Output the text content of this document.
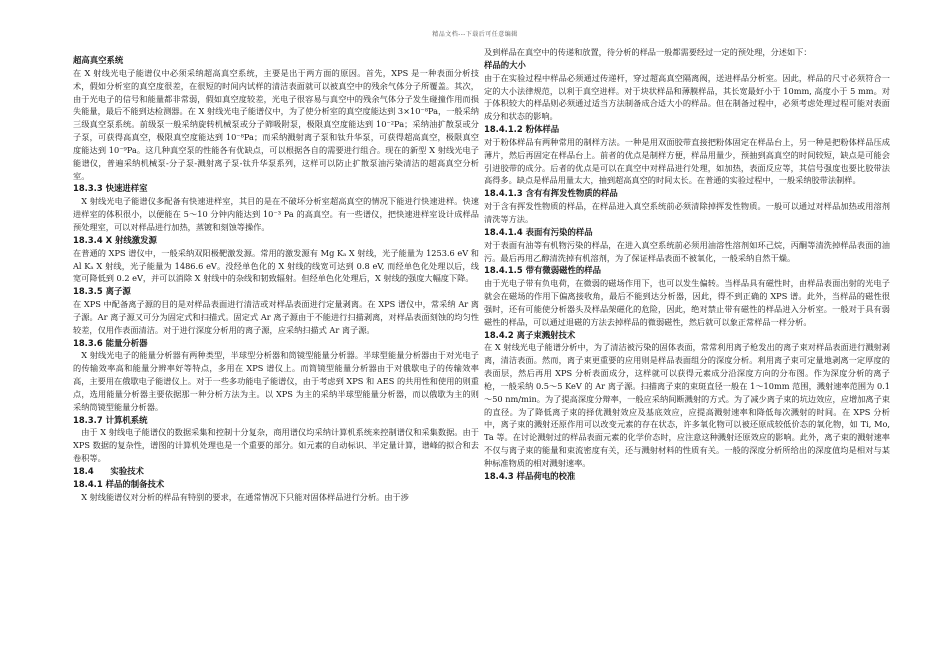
精品文档---下载后可任意编辑
超高真空系统

在 X 射线光电子能谱仪中必须采纳超高真空系统，主要是出于两方面的原因。首先，XPS 是一种表面分析技术，假如分析室的真空度很差，在很短的时间内试样的清洁表面就可以被真空中的残余气体分子所覆盖。其次，由于光电子的信号和能量都非常弱，假如真空度较差，光电子很容易与真空中的残余气体分子发生碰撞作用而损失能量，最后不能到达检测器。在 X 射线光电子能谱仪中，为了使分析室的真空度能达到 3×10⁻⁸Pa，一般采纳三级真空泵系统。前级泵一般采纳旋转机械泵或分子筛吸附泵，极限真空度能达到 10⁻²Pa；采纳油扩散泵或分子泵，可获得高真空，极限真空度能达到 10⁻⁸Pa；而采纳溅射离子泵和钛升华泵，可获得超高真空，极限真空度能达到 10⁻⁹Pa。这几种真空泵的性能各有优缺点，可以根据各自的需要进行组合。现在的新型 X 射线光电子能谱仪，普遍采纳机械泵-分子泵-溅射离子泵-钛升华泵系列，这样可以防止扩散泵油污染清洁的超高真空分析室。

18.3.3 快速进样室

X 射线光电子能谱仪多配备有快速进样室，其目的是在不破坏分析室超高真空的情况下能进行快速进样。快速进样室的体积很小，以便能在 5～10 分钟内能达到 10⁻³ Pa 的高真空。有一些谱仪，把快速进样室设计成样品预处理室，可以对样品进行加热，蒸镀和刻蚀等操作。

18.3.4 X 射线激发源

在普通的 XPS 谱仪中，一般采纳双阳极靶激发源。常用的激发源有 Mg Kₐ X 射线，光子能量为 1253.6 eV 和 Al Kₐ X 射线，光子能量为 1486.6 eV。没经单色化的 X 射线的线宽可达到 0.8 eV, 而经单色化处理以后，线宽可降低到 0.2 eV，并可以消除 X 射线中的杂线和韧致辐射。但经单色化处理后，X 射线的强度大幅度下降。

18.3.5 离子源

在 XPS 中配备离子源的目的是对样品表面进行清洁或对样品表面进行定量剥离。在 XPS 谱仪中，常采纳 Ar 离子源。Ar 离子源又可分为固定式和扫描式。固定式 Ar 离子源由于不能进行扫描剥离，对样品表面刻蚀的均匀性较差，仅用作表面清洁。对于进行深度分析用的离子源，应采纳扫描式 Ar 离子源。

18.3.6 能量分析器

X 射线光电子的能量分析器有两种类型，半球型分析器和筒镜型能量分析器。半球型能量分析器由于对光电子的传输效率高和能量分辨率好等特点，多用在 XPS 谱仪上。而筒镜型能量分析器由于对俄歇电子的传输效率高，主要用在俄歇电子能谱仪上。对于一些多功能电子能谱仪，由于考虑到 XPS 和 AES 的共用性和使用的则重点，选用能量分析器主要依据那一种分析方法为主。以 XPS 为主的采纳半球型能量分析器，而以俄歇为主的则采纳筒镜型能量分析器。

18.3.7 计算机系统

由于 X 射线电子能谱仪的数据采集和控制十分复杂，商用谱仪均采纳计算机系统来控制谱仪和采集数据。由于 XPS 数据的复杂性，谱图的计算机处理也是一个重要的部分。如元素的自动标识、半定量计算，谱峰的拟合和去卷积等。

18.4　　实验技术
18.4.1 样品的制备技术

X 射线能谱仪对分析的样品有特别的要求，在通常情况下只能对固体样品进行分析。由于涉

及到样品在真空中的传递和放置，待分析的样品一般都需要经过一定的预处理，分述如下：

样品的大小

由于在实验过程中样品必须通过传递杆，穿过超高真空隔离阀，送进样品分析室。因此，样品的尺寸必须符合一定的大小法律规范，以利于真空进样。对于块状样品和薄膜样品，其长宽最好小于 10mm, 高度小于 5 mm。对于体积较大的样品则必须通过适当方法制备成合适大小的样品。但在制备过程中，必须考虑处理过程可能对表面成分和状态的影响。

18.4.1.2 粉体样品

对于粉体样品有两种常用的制样方法。一种是用双面胶带直接把粉体固定在样品台上，另一种是把粉体样品压成薄片，然后再固定在样品台上。前者的优点是制样方便，样品用量少，预抽到高真空的时间较短，缺点是可能会引进胶带的成分。后者的优点是可以在真空中对样品进行处理，如加热，表面反应等，其信号强度也要比胶带法高得多。缺点是样品用量太大，抽到超高真空的时间太长。在普通的实验过程中，一般采纳胶带法制样。

18.4.1.3 含有有挥发性物质的样品

对于含有挥发性物质的样品，在样品进入真空系统前必须清除掉挥发性物质。一般可以通过对样品加热或用溶剂清洗等方法。

18.4.1.4 表面有污染的样品

对于表面有油等有机物污染的样品，在进入真空系统前必须用油溶性溶剂如环己烷，丙酮等清洗掉样品表面的油污。最后再用乙醇清洗掉有机溶剂，为了保证样品表面不被氧化，一般采纳自然干燥。

18.4.1.5 带有微弱磁性的样品

由于光电子带有负电荷，在微弱的磁场作用下，也可以发生偏转。当样品具有磁性时，由样品表面出射的光电子就会在磁场的作用下偏离接收角，最后不能到达分析器，因此，得不到正确的 XPS 谱。此外，当样品的磁性很强时，还有可能使分析器头及样品架磁化的危险，因此，绝对禁止带有磁性的样品进入分析室。一般对于具有弱磁性的样品，可以通过退磁的方法去掉样品的微弱磁性，然后就可以象正常样品一样分析。

18.4.2 离子束溅射技术

在 X 射线光电子能谱分析中，为了清洁被污染的固体表面，常常利用离子枪发出的离子束对样品表面进行溅射剥离，清洁表面。然而，离子束更重要的应用则是样品表面组分的深度分析。利用离子束可定量地剥离一定厚度的表面层，然后再用 XPS 分析表面成分，这样就可以获得元素成分沿深度方向的分布图。作为深度分析的离子枪，一般采纳 0.5～5 KeV 的 Ar 离子源。扫描离子束的束斑直径一般在 1～10mm 范围，溅射速率范围为 0.1 ～50 nm/min。为了提高深度分辩率，一般应采纳间断溅射的方式。为了减少离子束的坑边效应，应增加离子束的直径。为了降低离子束的择优溅射效应及基底效应，应提高溅射速率和降低每次溅射的时间。在 XPS 分析中，离子束的溅射还原作用可以改变元素的存在状态，许多氧化物可以被还原成较低价态的氧化物，如 Ti, Mo, Ta 等。在讨论溅射过的样品表面元素的化学价态时，应注意这种溅射还原效应的影响。此外，离子束的溅射速率不仅与离子束的能量和束流密度有关，还与溅射材料的性质有关。一般的深度分析所给出的深度值均是相对与某种标准物质的相对溅射速率。

18.4.3 样品荷电的校准
